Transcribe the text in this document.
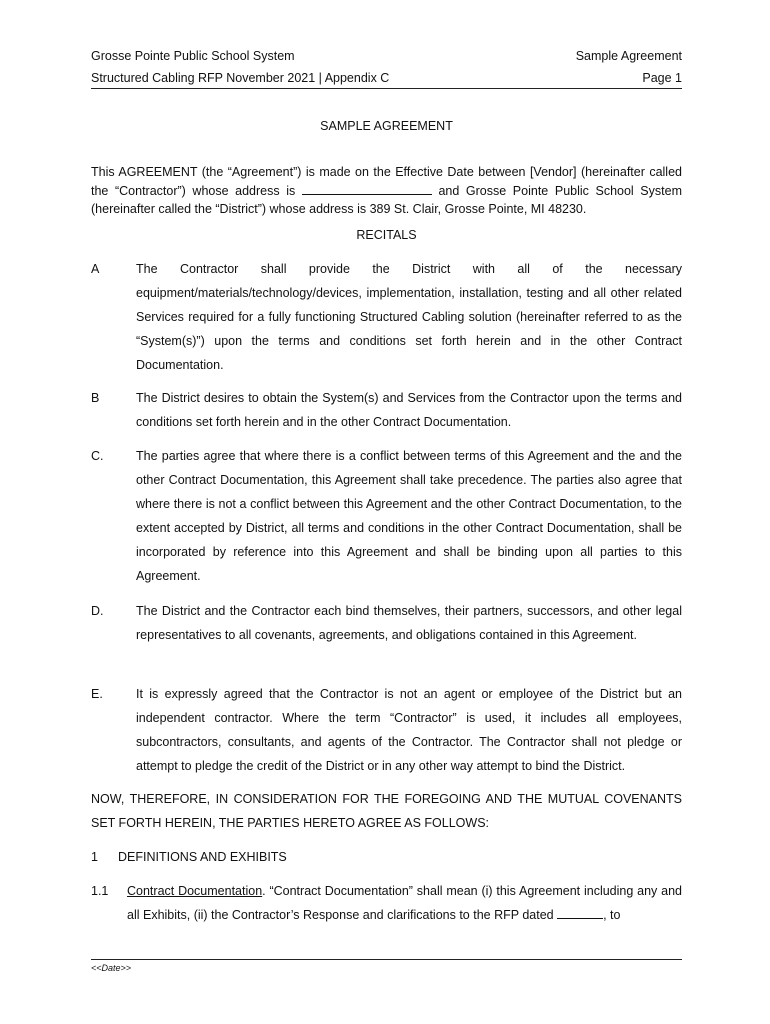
Grosse Pointe Public School System	Sample Agreement
Structured Cabling RFP November 2021 | Appendix C	Page 1
SAMPLE AGREEMENT

This AGREEMENT (the “Agreement”) is made on the Effective Date between [Vendor] (hereinafter called the “Contractor”) whose address is	and Grosse Pointe Public School System (hereinafter called the “District”) whose address is 389 St. Clair, Grosse Pointe, MI 48230.

RECITALS
A	The Contractor shall provide the District with all of the necessary equipment/materials/technology/devices, implementation, installation, testing and all other related Services required for a fully functioning Structured Cabling solution (hereinafter referred to as the “System(s)”) upon the terms and conditions set forth herein and in the other Contract Documentation.

B	The District desires to obtain the System(s) and Services from the Contractor upon the terms and conditions set forth herein and in the other Contract Documentation.

C.	The parties agree that where there is a conflict between terms of this Agreement and the and the other Contract Documentation, this Agreement shall take precedence. The parties also agree that where there is not a conflict between this Agreement and the other Contract Documentation, to the extent accepted by District, all terms and conditions in the other Contract Documentation, shall be incorporated by reference into this Agreement and shall be binding upon all parties to this Agreement.

D.	The District and the Contractor each bind themselves, their partners, successors, and other legal representatives to all covenants, agreements, and obligations contained in this Agreement.

E.	It is expressly agreed that the Contractor is not an agent or employee of the District but an independent contractor. Where the term “Contractor” is used, it includes all employees, subcontractors, consultants, and agents of the Contractor. The Contractor shall not pledge or attempt to pledge the credit of the District or in any other way attempt to bind the District.

NOW, THEREFORE, IN CONSIDERATION FOR THE FOREGOING AND THE MUTUAL COVENANTS SET FORTH HEREIN, THE PARTIES HERETO AGREE AS FOLLOWS:

1 DEFINITIONS AND EXHIBITS
1.1 Contract Documentation. “Contract Documentation” shall mean (i) this Agreement including any and all Exhibits, (ii) the Contractor’s Response and clarifications to the RFP dated	, to

<<Date>>
